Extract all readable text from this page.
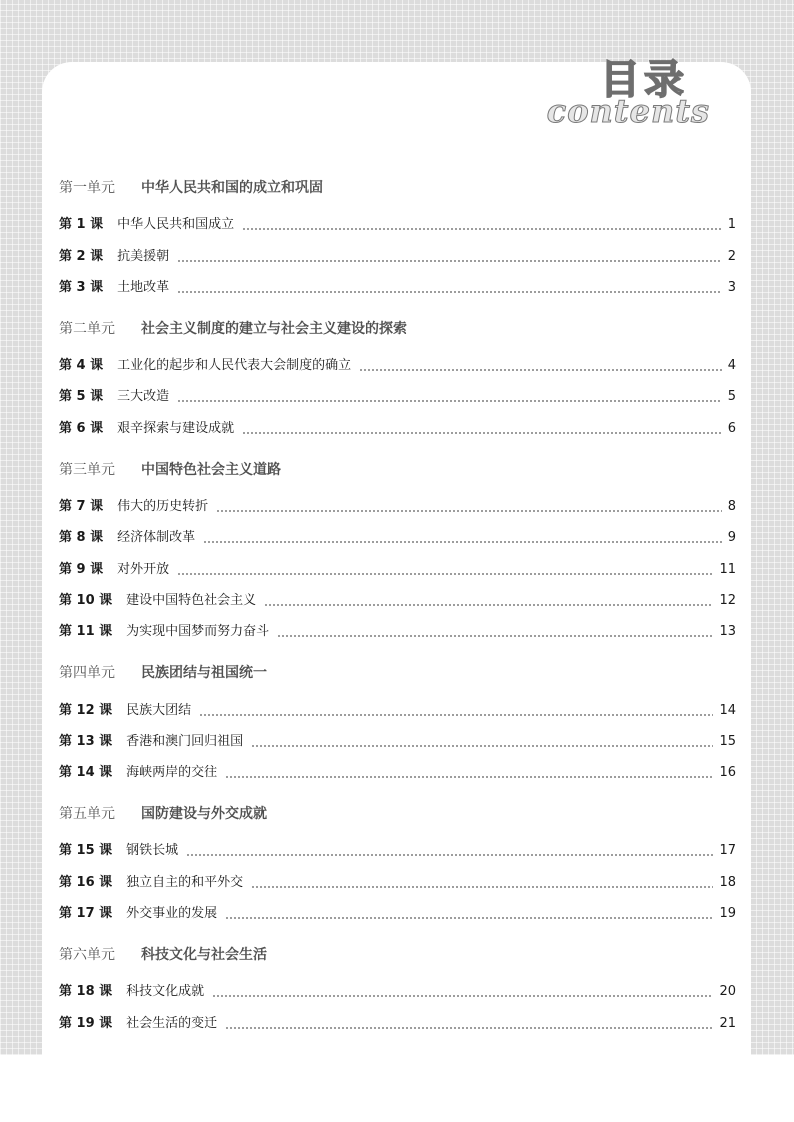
目录
contents
第一单元 中华人民共和国的成立和巩固
第 1 课	中华人民共和国成立	1
第 2 课	抗美援朝	2
第 3 课	土地改革	3
第二单元 社会主义制度的建立与社会主义建设的探索
第 4 课	工业化的起步和人民代表大会制度的确立	4
第 5 课	三大改造	5
第 6 课	艰辛探索与建设成就	6
第三单元 中国特色社会主义道路
第 7 课	伟大的历史转折	8
第 8 课	经济体制改革	9
第 9 课	对外开放	11
第 10 课	建设中国特色社会主义	12
第 11 课	为实现中国梦而努力奋斗	13
第四单元 民族团结与祖国统一
第 12 课	民族大团结	14
第 13 课	香港和澳门回归祖国	15
第 14 课	海峡两岸的交往	16
第五单元 国防建设与外交成就
第 15 课	钢铁长城	17
第 16 课	独立自主的和平外交	18
第 17 课	外交事业的发展	19
第六单元 科技文化与社会生活
第 18 课	科技文化成就	20
第 19 课	社会生活的变迁	21
